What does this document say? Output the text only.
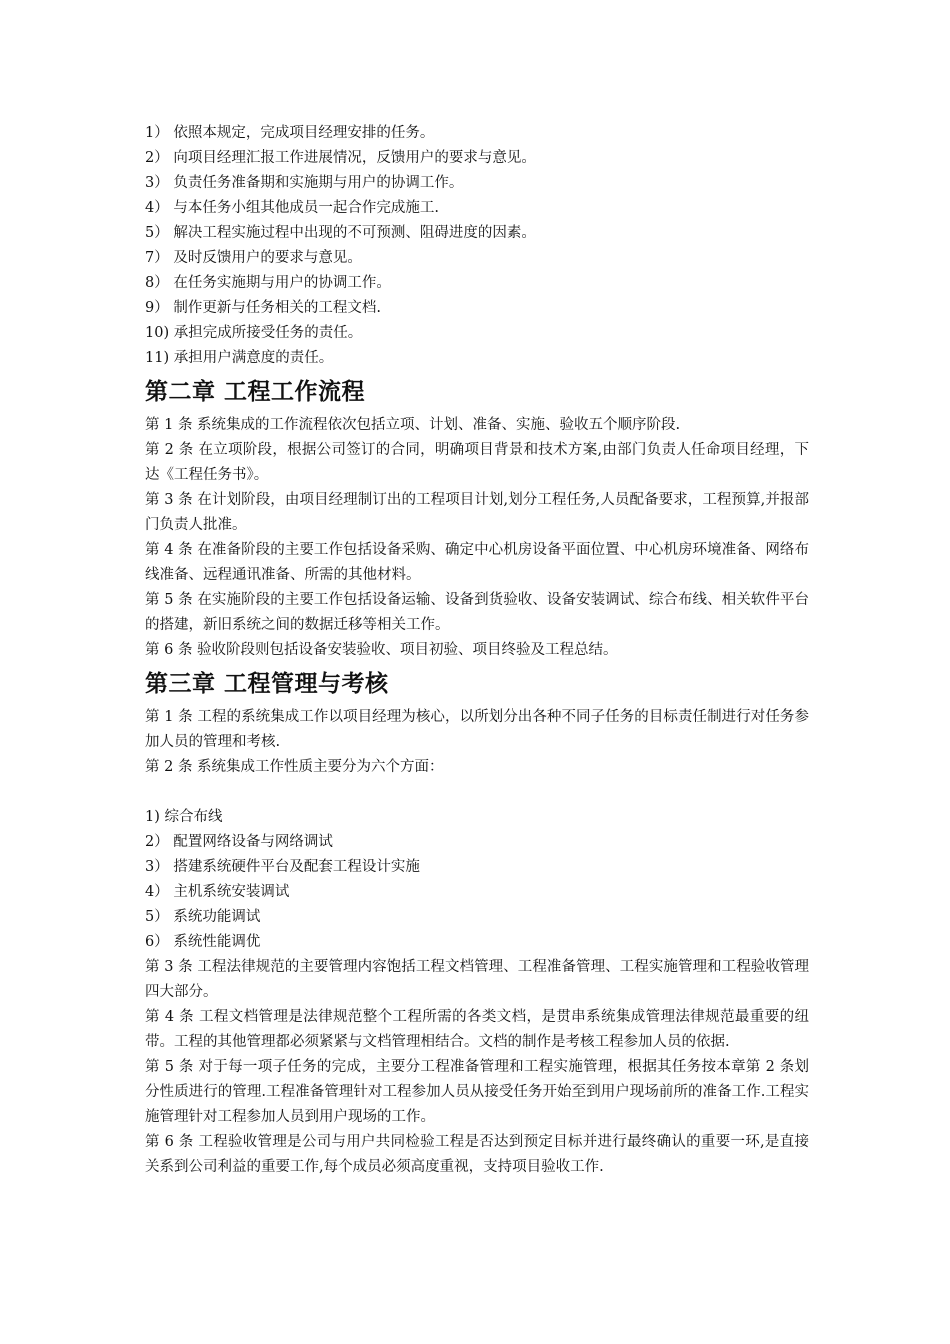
1） 依照本规定，完成项目经理安排的任务。

2） 向项目经理汇报工作进展情况，反馈用户的要求与意见。

3） 负责任务准备期和实施期与用户的协调工作。

4） 与本任务小组其他成员一起合作完成施工.

5） 解决工程实施过程中出现的不可预测、阻碍进度的因素。

7） 及时反馈用户的要求与意见。

8） 在任务实施期与用户的协调工作。

9） 制作更新与任务相关的工程文档.

10) 承担完成所接受任务的责任。

11) 承担用户满意度的责任。

第二章 工程工作流程

第 1 条 系统集成的工作流程依次包括立项、计划、准备、实施、验收五个顺序阶段.

第 2 条 在立项阶段，根据公司签订的合同，明确项目背景和技术方案,由部门负责人任命项目经理，下达《工程任务书》。

第 3 条 在计划阶段，由项目经理制订出的工程项目计划,划分工程任务,人员配备要求，工程预算,并报部门负责人批准。

第 4 条 在准备阶段的主要工作包括设备采购、确定中心机房设备平面位置、中心机房环境准备、网络布线准备、远程通讯准备、所需的其他材料。

第 5 条 在实施阶段的主要工作包括设备运输、设备到货验收、设备安装调试、综合布线、相关软件平台的搭建，新旧系统之间的数据迁移等相关工作。

第 6 条 验收阶段则包括设备安装验收、项目初验、项目终验及工程总结。

第三章 工程管理与考核

第 1 条 工程的系统集成工作以项目经理为核心，以所划分出各种不同子任务的目标责任制进行对任务参加人员的管理和考核.

第 2 条 系统集成工作性质主要分为六个方面：

1) 综合布线

2） 配置网络设备与网络调试

3） 搭建系统硬件平台及配套工程设计实施

4） 主机系统安装调试

5） 系统功能调试

6） 系统性能调优

第 3 条 工程法律规范的主要管理内容饱括工程文档管理、工程准备管理、工程实施管理和工程验收管理四大部分。

第 4 条 工程文档管理是法律规范整个工程所需的各类文档，是贯串系统集成管理法律规范最重要的纽带。工程的其他管理都必须紧紧与文档管理相结合。文档的制作是考核工程参加人员的依据.

第 5 条 对于每一项子任务的完成，主要分工程准备管理和工程实施管理，根据其任务按本章第 2 条划分性质进行的管理.工程准备管理针对工程参加人员从接受任务开始至到用户现场前所的准备工作.工程实施管理针对工程参加人员到用户现场的工作。

第 6 条 工程验收管理是公司与用户共同检验工程是否达到预定目标并进行最终确认的重要一环,是直接关系到公司利益的重要工作,每个成员必须高度重视，支持项目验收工作.
